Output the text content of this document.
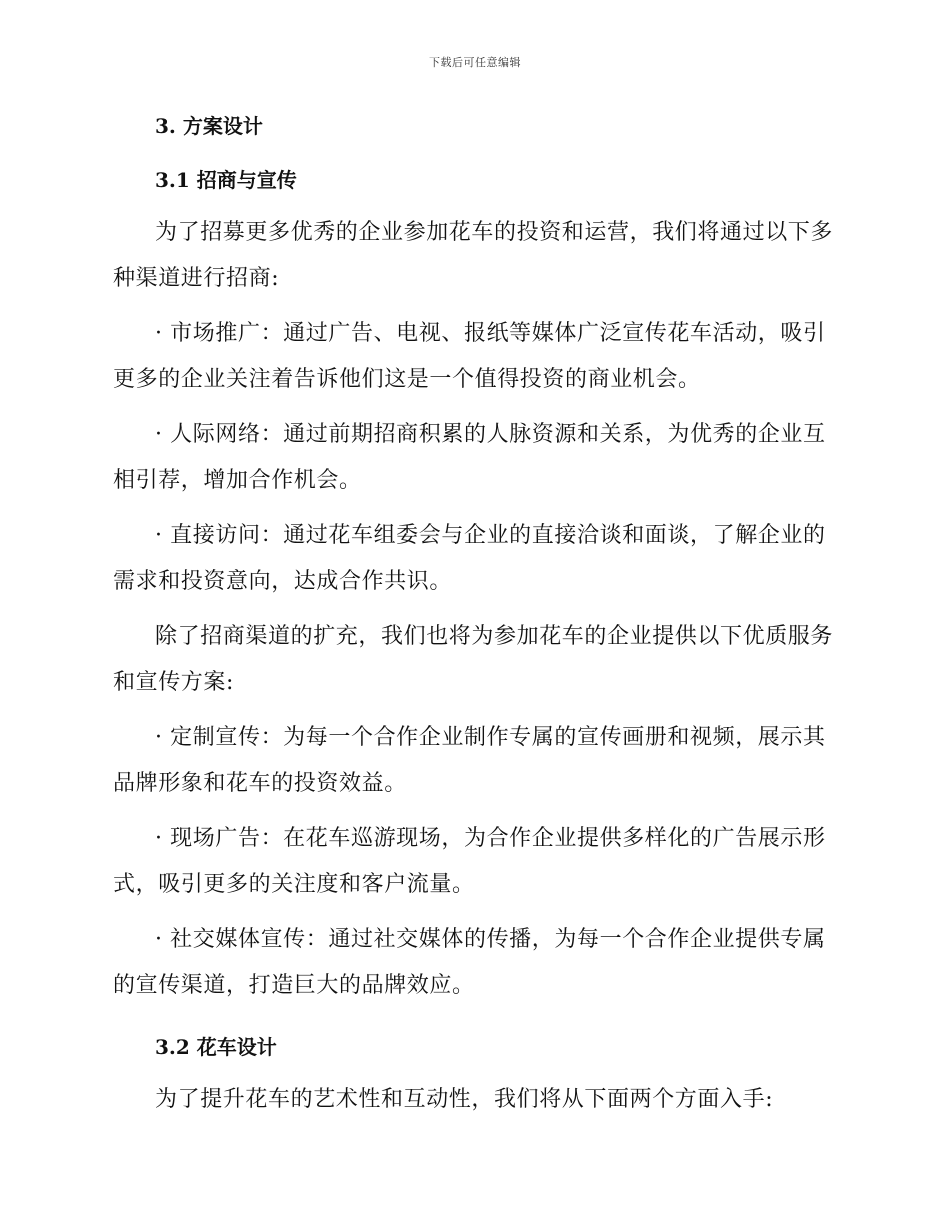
下载后可任意编辑

3. 方案设计

3.1 招商与宣传

为了招募更多优秀的企业参加花车的投资和运营，我们将通过以下多种渠道进行招商:

· 市场推广：通过广告、电视、报纸等媒体广泛宣传花车活动，吸引更多的企业关注着告诉他们这是一个值得投资的商业机会。

· 人际网络：通过前期招商积累的人脉资源和关系，为优秀的企业互相引荐，增加合作机会。

· 直接访问：通过花车组委会与企业的直接洽谈和面谈，了解企业的需求和投资意向，达成合作共识。

除了招商渠道的扩充，我们也将为参加花车的企业提供以下优质服务和宣传方案:

· 定制宣传：为每一个合作企业制作专属的宣传画册和视频，展示其品牌形象和花车的投资效益。

· 现场广告：在花车巡游现场，为合作企业提供多样化的广告展示形式，吸引更多的关注度和客户流量。

· 社交媒体宣传：通过社交媒体的传播，为每一个合作企业提供专属的宣传渠道，打造巨大的品牌效应。

3.2 花车设计

为了提升花车的艺术性和互动性，我们将从下面两个方面入手:
